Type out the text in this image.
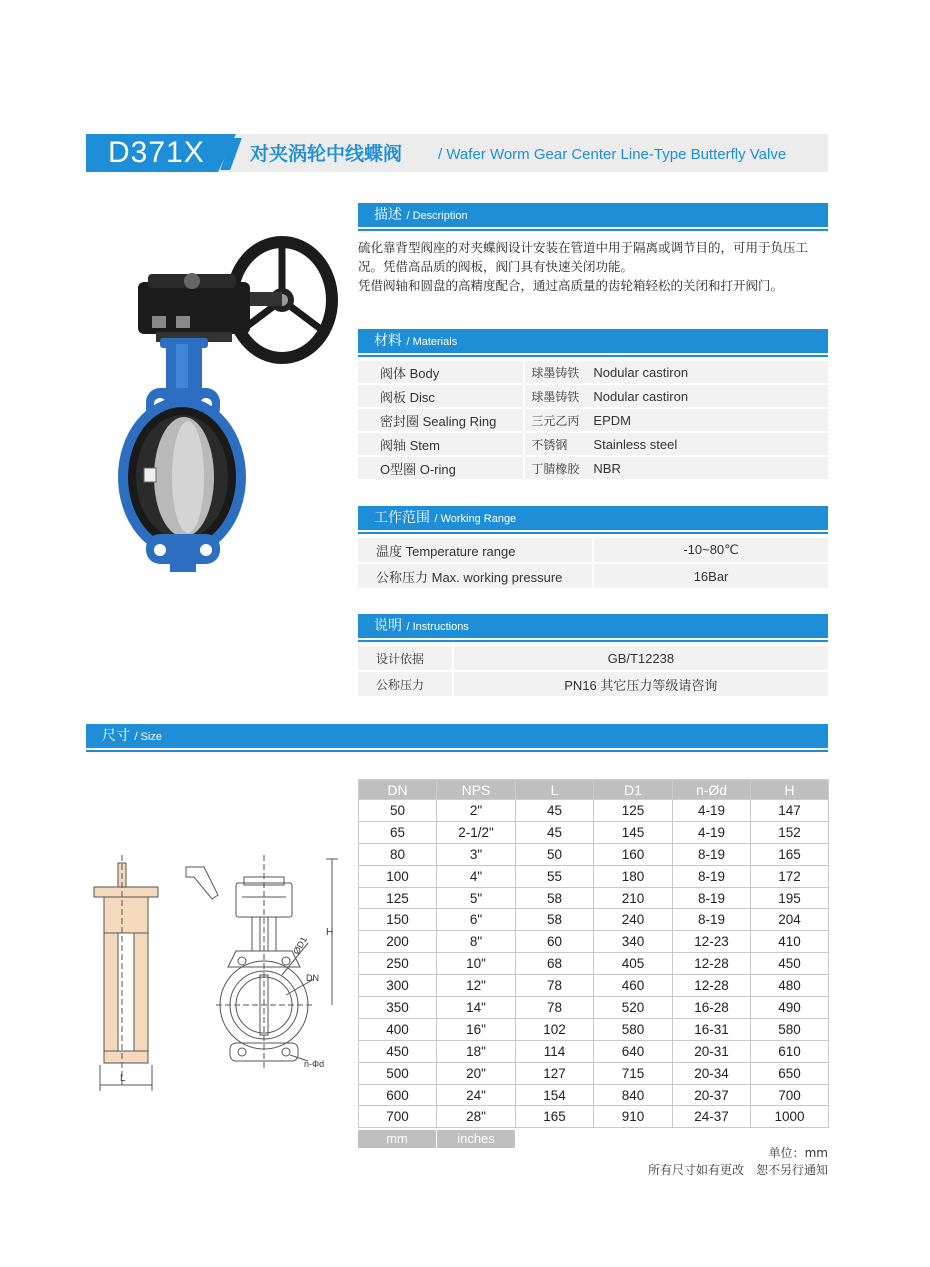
D371X 对夹涡轮中线蝶阀 / Wafer Worm Gear Center Line-Type Butterfly Valve
描述 / Description

硫化靠背型阀座的对夹蝶阀设计安装在管道中用于隔离或调节目的，可用于负压工况。凭借高品质的阀板，阀门具有快速关闭功能。

凭借阀轴和圆盘的高精度配合，通过高质量的齿轮箱轻松的关闭和打开阀门。

材料 / Materials
阀体 Body	球墨铸铁 Nodular castiron
阀板 Disc	球墨铸铁 Nodular castiron
密封圈 Sealing Ring	三元乙丙 EPDM
阀轴 Stem	不锈钢 Stainless steel
O型圈 O-ring	丁腈橡胶 NBR
工作范围 / Working Range
温度 Temperature range	-10~80℃
公称压力 Max. working pressure	16Bar
说明 / Instructions
设计依据	GB/T12238
公称压力	PN16 其它压力等级请咨询
尺寸 / Size
L
H
ØD1
DN
n-Φd
DN	NPS	L	D1	n-Ød	H
50	2"	45	125	4-19	147
65	2-1/2"	45	145	4-19	152
80	3"	50	160	8-19	165
100	4"	55	180	8-19	172
125	5"	58	210	8-19	195
150	6"	58	240	8-19	204
200	8"	60	340	12-23	410
250	10"	68	405	12-28	450
300	12"	78	460	12-28	480
350	14"	78	520	16-28	490
400	16"	102	580	16-31	580
450	18"	114	640	20-31	610
500	20"	127	715	20-34	650
600	24"	154	840	20-37	700
700	28"	165	910	24-37	1000
mm	inches
单位：mm
所有尺寸如有更改　恕不另行通知
